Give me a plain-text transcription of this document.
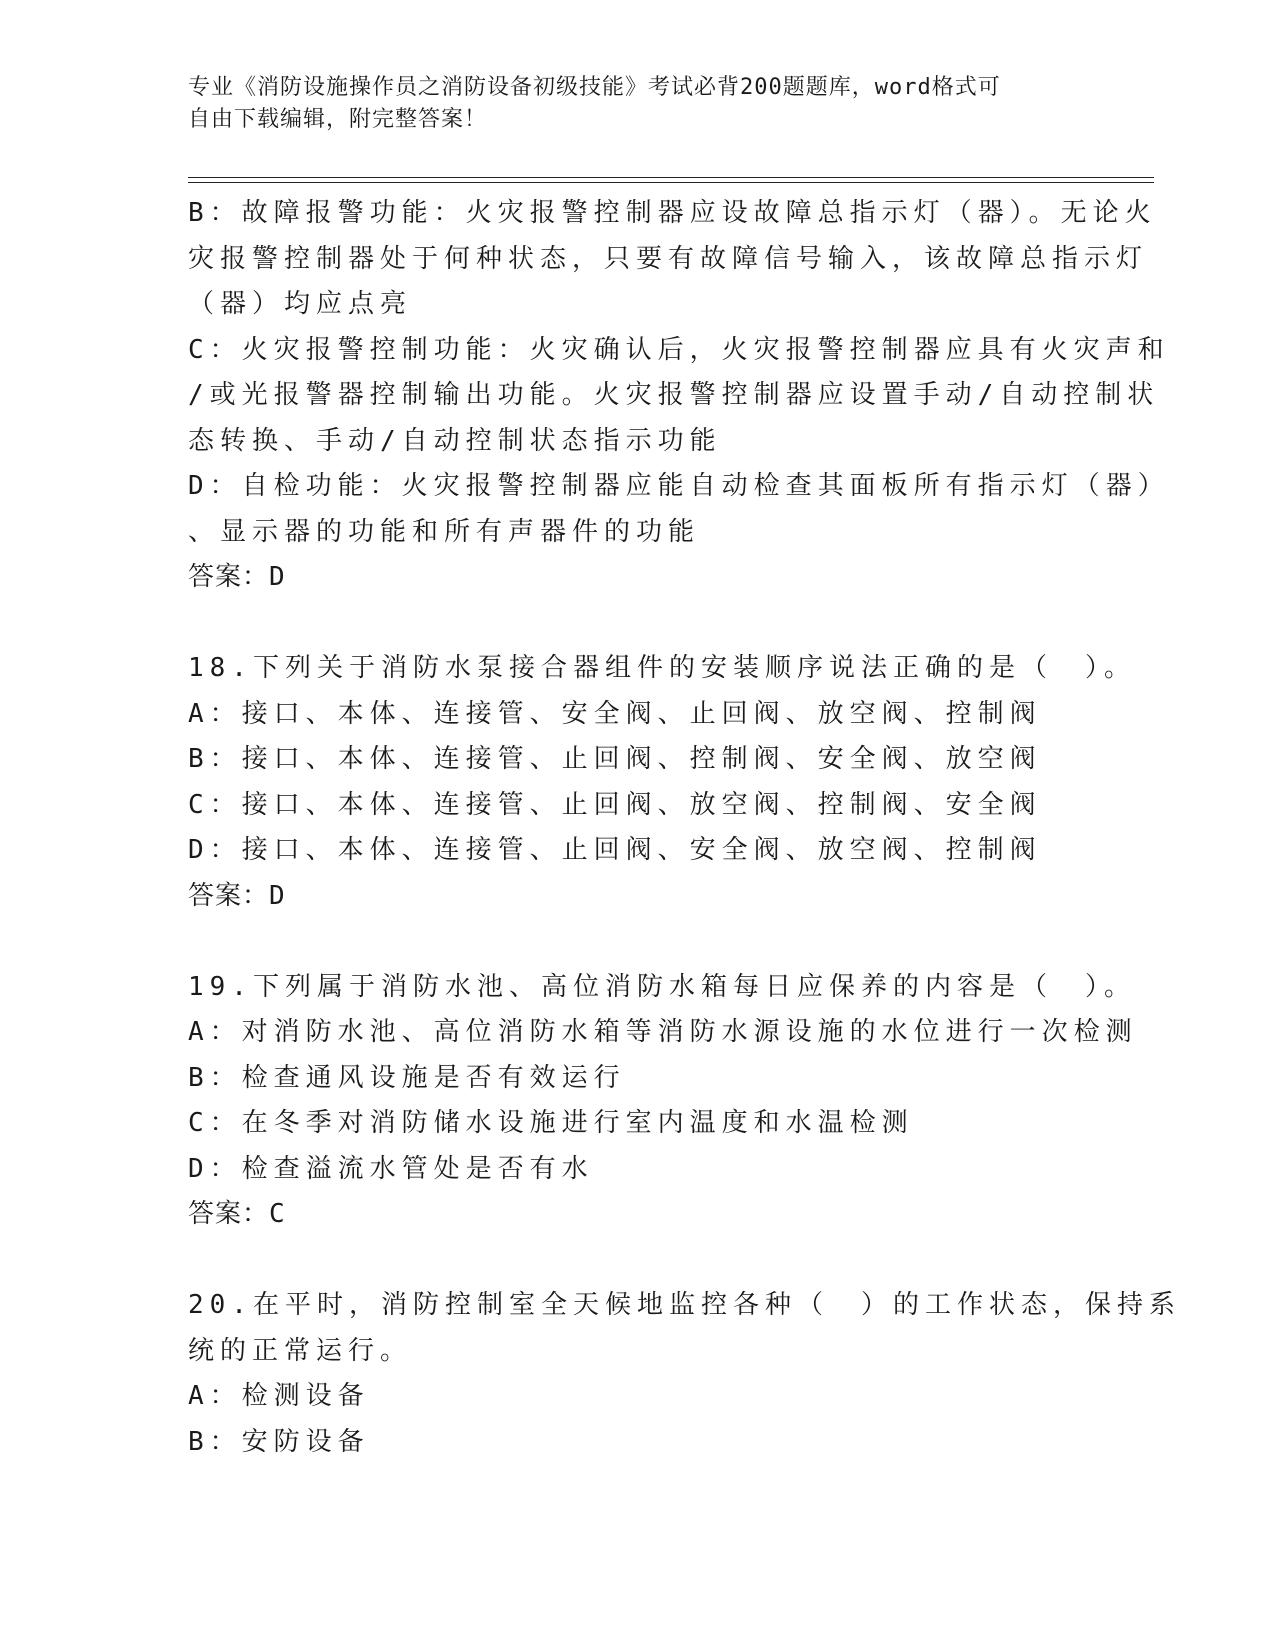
专业《消防设施操作员之消防设备初级技能》考试必背200题题库，word格式可
自由下载编辑，附完整答案！
B：故障报警功能：火灾报警控制器应设故障总指示灯（器）。无论火
灾报警控制器处于何种状态，只要有故障信号输入，该故障总指示灯
（器）均应点亮
C：火灾报警控制功能：火灾确认后，火灾报警控制器应具有火灾声和
/或光报警器控制输出功能。火灾报警控制器应设置手动/自动控制状
态转换、手动/自动控制状态指示功能
D：自检功能：火灾报警控制器应能自动检查其面板所有指示灯（器）
、显示器的功能和所有声器件的功能
答案：D
18.下列关于消防水泵接合器组件的安装顺序说法正确的是（　）。
A：接口、本体、连接管、安全阀、止回阀、放空阀、控制阀
B：接口、本体、连接管、止回阀、控制阀、安全阀、放空阀
C：接口、本体、连接管、止回阀、放空阀、控制阀、安全阀
D：接口、本体、连接管、止回阀、安全阀、放空阀、控制阀
答案：D
19.下列属于消防水池、高位消防水箱每日应保养的内容是（　）。
A：对消防水池、高位消防水箱等消防水源设施的水位进行一次检测
B：检查通风设施是否有效运行
C：在冬季对消防储水设施进行室内温度和水温检测
D：检查溢流水管处是否有水
答案：C
20.在平时，消防控制室全天候地监控各种（　）的工作状态，保持系
统的正常运行。
A：检测设备
B：安防设备
